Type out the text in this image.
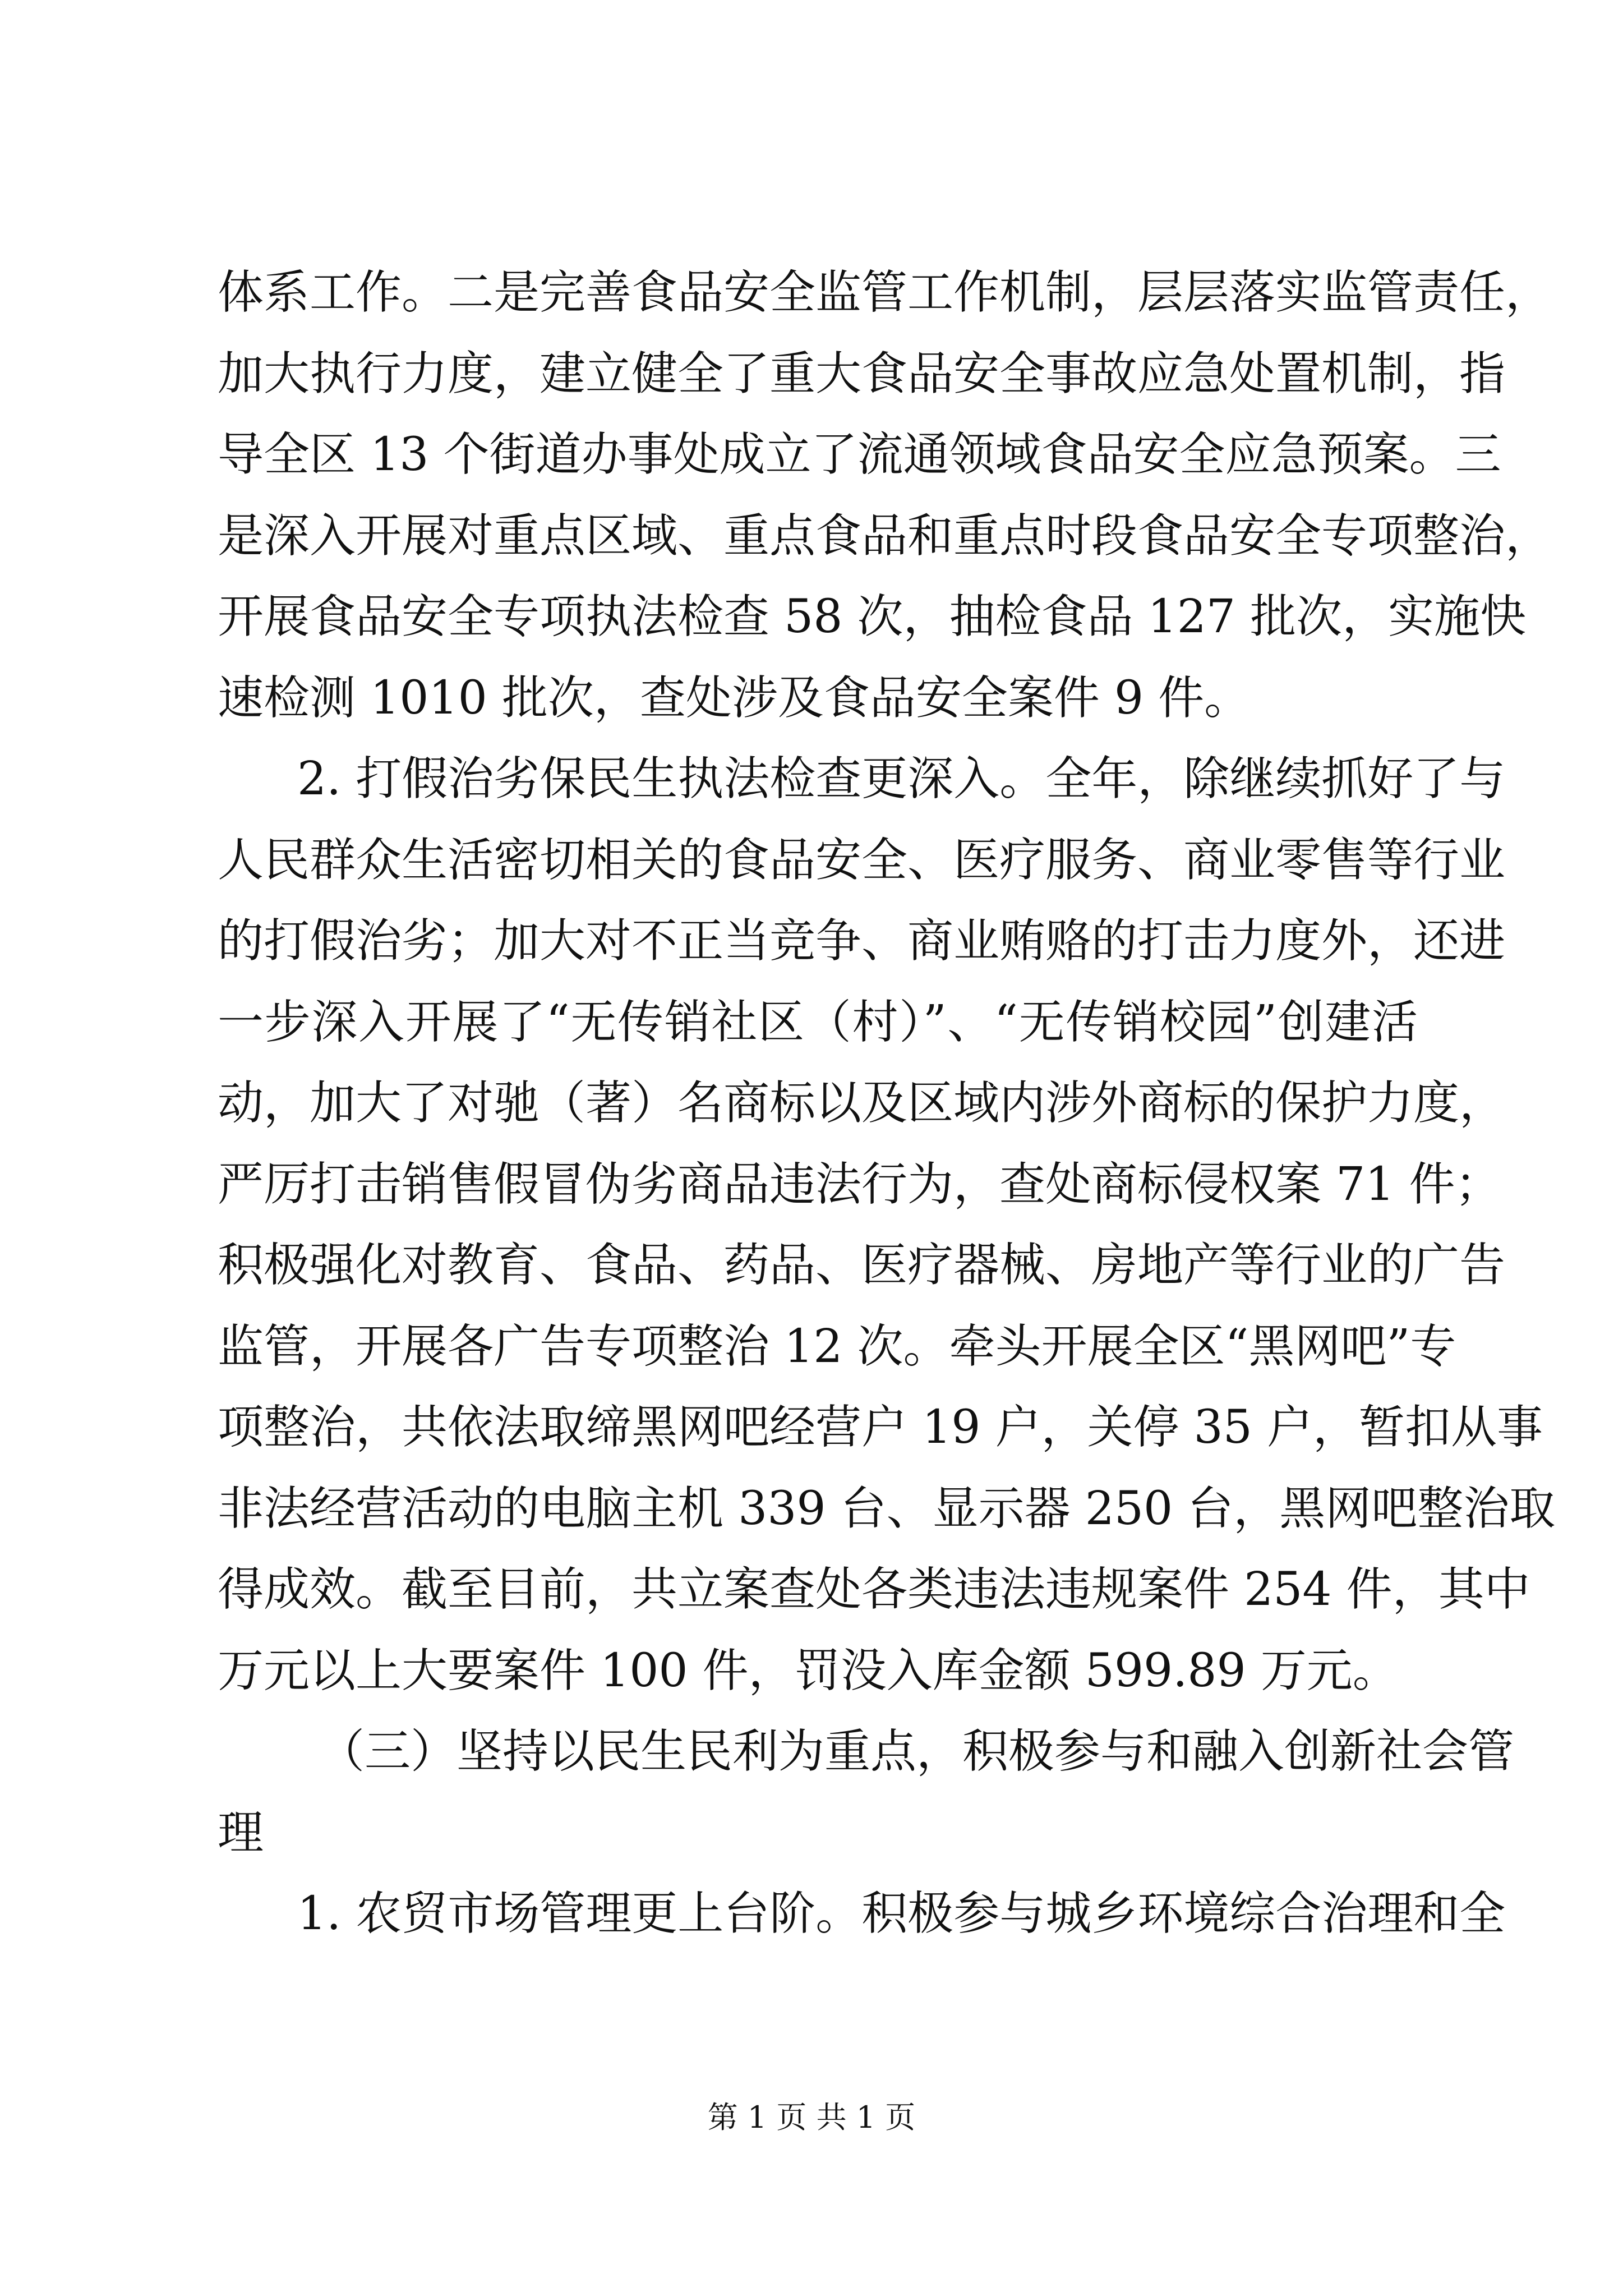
体系工作。二是完善食品安全监管工作机制，层层落实监管责任，
加大执行力度，建立健全了重大食品安全事故应急处置机制，指
导全区 13 个街道办事处成立了流通领域食品安全应急预案。三
是深入开展对重点区域、重点食品和重点时段食品安全专项整治，
开展食品安全专项执法检查 58 次，抽检食品 127 批次，实施快
速检测 1010 批次，查处涉及食品安全案件 9 件。
2. 打假治劣保民生执法检查更深入。全年，除继续抓好了与
人民群众生活密切相关的食品安全、医疗服务、商业零售等行业
的打假治劣；加大对不正当竞争、商业贿赂的打击力度外，还进
一步深入开展了“无传销社区（村）”、“无传销校园”创建活
动，加大了对驰（著）名商标以及区域内涉外商标的保护力度，
严厉打击销售假冒伪劣商品违法行为，查处商标侵权案 71 件；
积极强化对教育、食品、药品、医疗器械、房地产等行业的广告
监管，开展各广告专项整治 12 次。牵头开展全区“黑网吧”专
项整治，共依法取缔黑网吧经营户 19 户，关停 35 户，暂扣从事
非法经营活动的电脑主机 339 台、显示器 250 台，黑网吧整治取
得成效。截至目前，共立案查处各类违法违规案件 254 件，其中
万元以上大要案件 100 件，罚没入库金额 599.89 万元。
（三）坚持以民生民利为重点，积极参与和融入创新社会管
理
1. 农贸市场管理更上台阶。积极参与城乡环境综合治理和全
第 1 页 共 1 页
